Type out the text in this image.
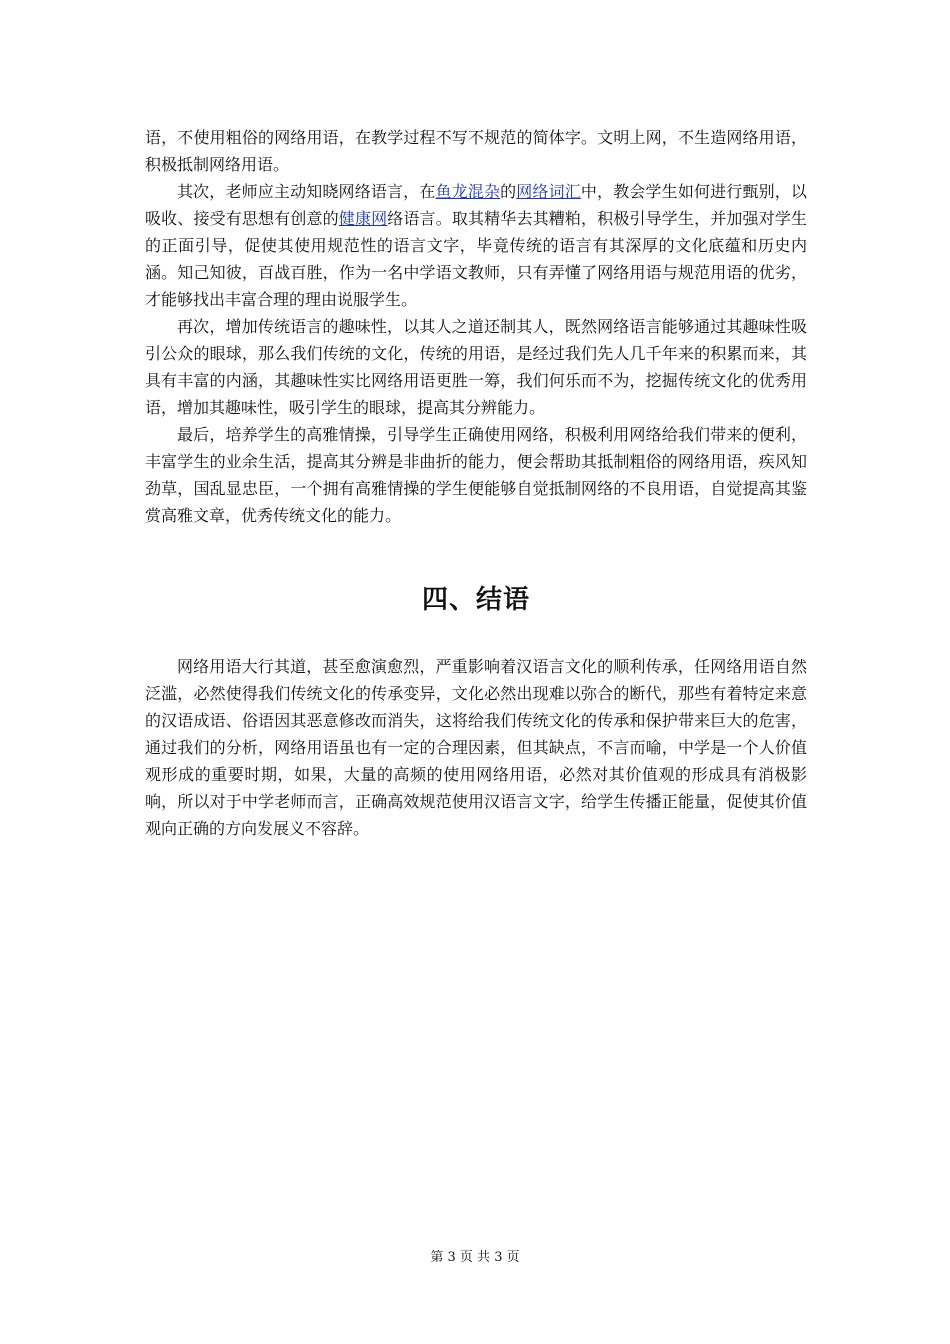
语，不使用粗俗的网络用语，在教学过程不写不规范的简体字。文明上网，不生造网络用语，积极抵制网络用语。

其次，老师应主动知晓网络语言，在鱼龙混杂的网络词汇中，教会学生如何进行甄别，以吸收、接受有思想有创意的健康网络语言。取其精华去其糟粕，积极引导学生，并加强对学生的正面引导，促使其使用规范性的语言文字，毕竟传统的语言有其深厚的文化底蕴和历史内涵。知己知彼，百战百胜，作为一名中学语文教师，只有弄懂了网络用语与规范用语的优劣，才能够找出丰富合理的理由说服学生。

再次，增加传统语言的趣味性，以其人之道还制其人，既然网络语言能够通过其趣味性吸引公众的眼球，那么我们传统的文化，传统的用语，是经过我们先人几千年来的积累而来，其具有丰富的内涵，其趣味性实比网络用语更胜一筹，我们何乐而不为，挖掘传统文化的优秀用语，增加其趣味性，吸引学生的眼球，提高其分辨能力。

最后，培养学生的高雅情操，引导学生正确使用网络，积极利用网络给我们带来的便利，丰富学生的业余生活，提高其分辨是非曲折的能力，便会帮助其抵制粗俗的网络用语，疾风知劲草，国乱显忠臣，一个拥有高雅情操的学生便能够自觉抵制网络的不良用语，自觉提高其鉴赏高雅文章，优秀传统文化的能力。

四、结语

网络用语大行其道，甚至愈演愈烈，严重影响着汉语言文化的顺利传承，任网络用语自然泛滥，必然使得我们传统文化的传承变异，文化必然出现难以弥合的断代，那些有着特定来意的汉语成语、俗语因其恶意修改而消失，这将给我们传统文化的传承和保护带来巨大的危害，通过我们的分析，网络用语虽也有一定的合理因素，但其缺点，不言而喻，中学是一个人价值观形成的重要时期，如果，大量的高频的使用网络用语，必然对其价值观的形成具有消极影响，所以对于中学老师而言，正确高效规范使用汉语言文字，给学生传播正能量，促使其价值观向正确的方向发展义不容辞。

第 3 页 共 3 页
